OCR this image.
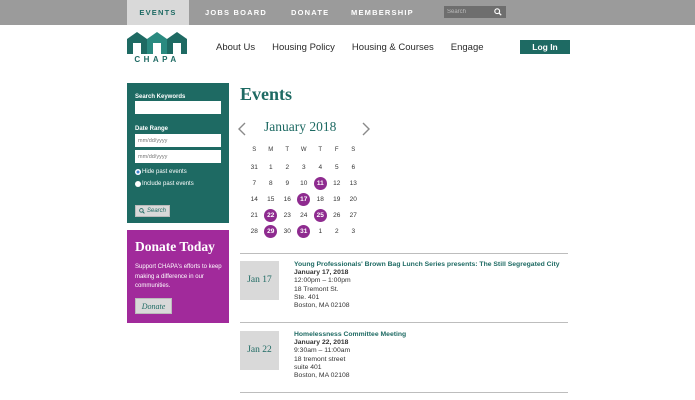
EVENTS	JOBS BOARD	DONATE	MEMBERSHIP
Search
CHAPA
About Us Housing Policy Housing & Courses Engage	Log In
Search Keywords
Date Range
mm/dd/yyyy
mm/dd/yyyy
Hide past events
Include past events
Search
Donate Today
Support CHAPA's efforts to keep making a difference in our communities.
Donate
Events
January 2018
S	M	T	W	T	F	S
31	1	2	3	4	5	6
7	8	9	10	11	12	13
14	15	16	17	18	19	20
21	22	23	24	25	26	27
28	29	30	31	1	2	3
Jan 17
Young Professionals' Brown Bag Lunch Series presents: The Still Segregated City
January 17, 2018
12:00pm – 1:00pm
18 Tremont St.
Ste. 401
Boston, MA 02108
Jan 22
Homelessness Committee Meeting
January 22, 2018
9:30am – 11:00am
18 tremont street
suite 401
Boston, MA 02108
